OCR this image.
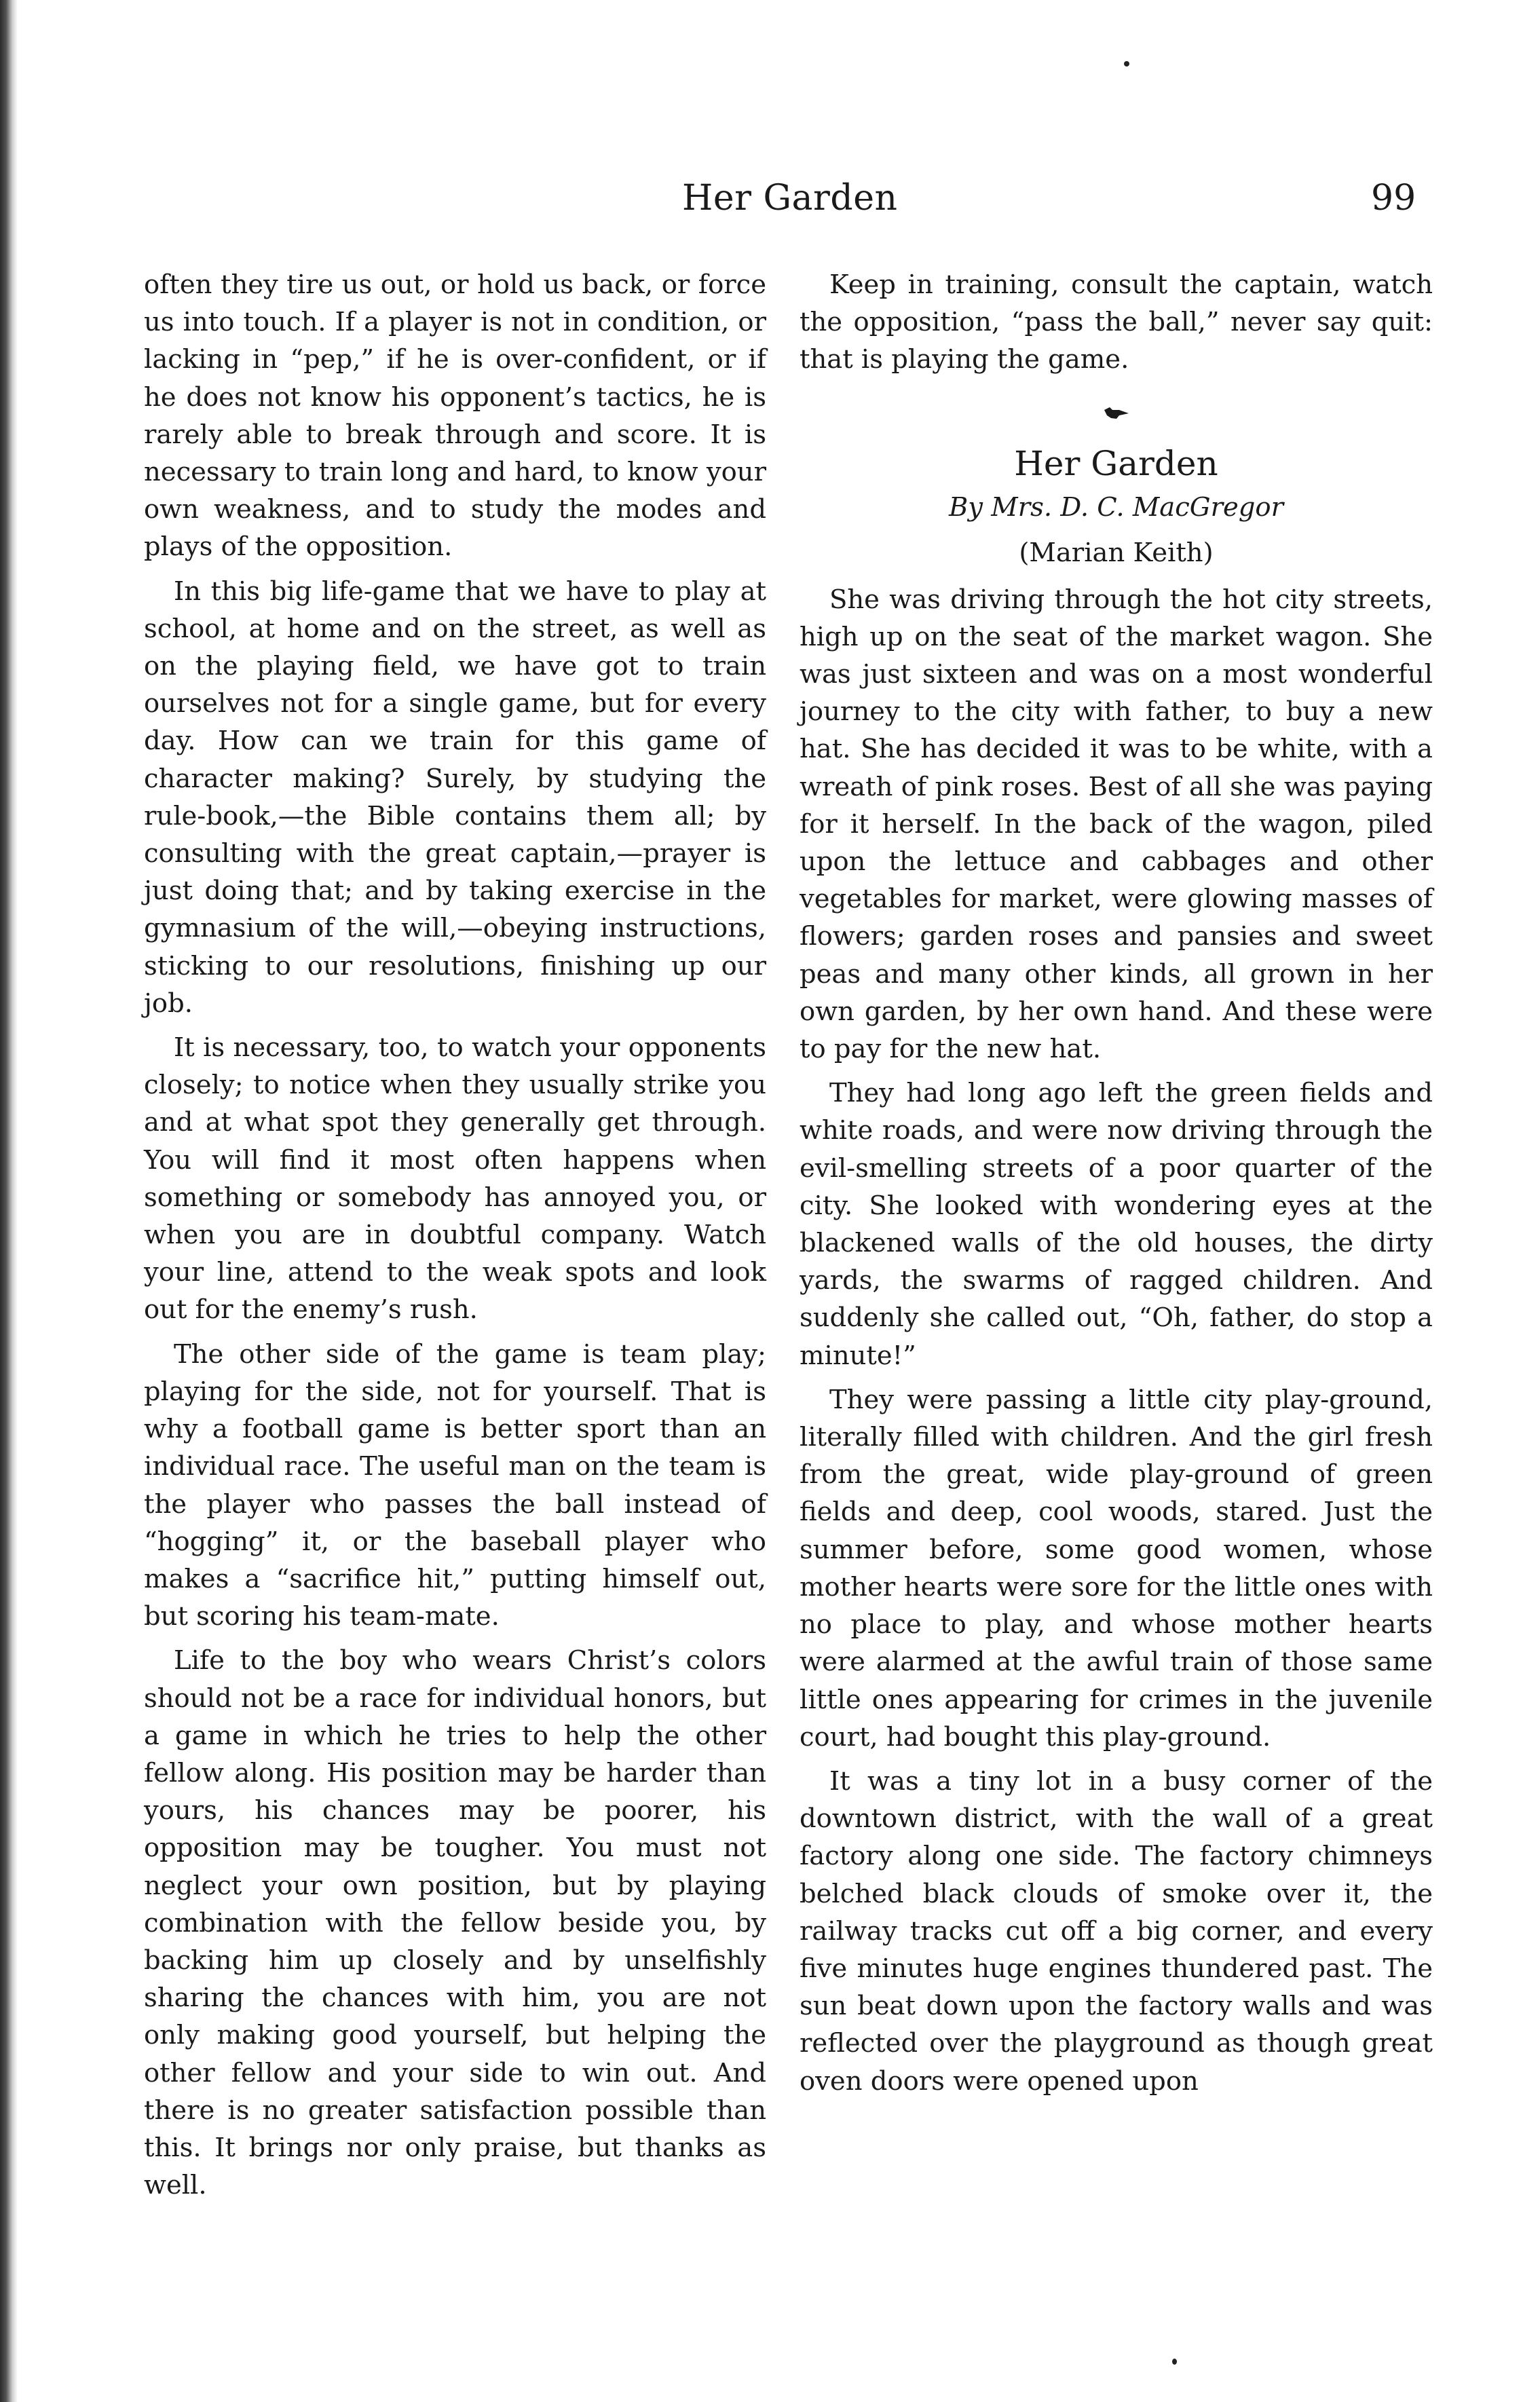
Her Garden	99

often they tire us out, or hold us back, or force us into touch. If a player is not in condition, or lacking in “pep,” if he is over-confident, or if he does not know his opponent’s tactics, he is rarely able to break through and score. It is necessary to train long and hard, to know your own weakness, and to study the modes and plays of the opposition.

In this big life-game that we have to play at school, at home and on the street, as well as on the playing field, we have got to train ourselves not for a single game, but for every day. How can we train for this game of character making? Surely, by studying the rule-book,—the Bible contains them all; by consulting with the great captain,—prayer is just doing that; and by taking exercise in the gymnasium of the will,—obeying instructions, sticking to our resolutions, finishing up our job.

It is necessary, too, to watch your opponents closely; to notice when they usually strike you and at what spot they generally get through. You will find it most often happens when something or somebody has annoyed you, or when you are in doubtful company. Watch your line, attend to the weak spots and look out for the enemy’s rush.

The other side of the game is team play; playing for the side, not for yourself. That is why a football game is better sport than an individual race. The useful man on the team is the player who passes the ball instead of “hogging” it, or the baseball player who makes a “sacrifice hit,” putting himself out, but scoring his team-mate.

Life to the boy who wears Christ’s colors should not be a race for individual honors, but a game in which he tries to help the other fellow along. His position may be harder than yours, his chances may be poorer, his opposition may be tougher. You must not neglect your own position, but by playing combination with the fellow beside you, by backing him up closely and by unselfishly sharing the chances with him, you are not only making good yourself, but helping the other fellow and your side to win out. And there is no greater satisfaction possible than this. It brings nor only praise, but thanks as well.

Keep in training, consult the captain, watch the opposition, “pass the ball,” never say quit: that is playing the game.

Her Garden
By Mrs. D. C. MacGregor
(Marian Keith)

She was driving through the hot city streets, high up on the seat of the market wagon. She was just sixteen and was on a most wonderful journey to the city with father, to buy a new hat. She has decided it was to be white, with a wreath of pink roses. Best of all she was paying for it herself. In the back of the wagon, piled upon the lettuce and cabbages and other vegetables for market, were glowing masses of flowers; garden roses and pansies and sweet peas and many other kinds, all grown in her own garden, by her own hand. And these were to pay for the new hat.

They had long ago left the green fields and white roads, and were now driving through the evil-smelling streets of a poor quarter of the city. She looked with wondering eyes at the blackened walls of the old houses, the dirty yards, the swarms of ragged children. And suddenly she called out, “Oh, father, do stop a minute!”

They were passing a little city play-ground, literally filled with children. And the girl fresh from the great, wide play-ground of green fields and deep, cool woods, stared. Just the summer before, some good women, whose mother hearts were sore for the little ones with no place to play, and whose mother hearts were alarmed at the awful train of those same little ones appearing for crimes in the juvenile court, had bought this play-ground.

It was a tiny lot in a busy corner of the downtown district, with the wall of a great factory along one side. The factory chimneys belched black clouds of smoke over it, the railway tracks cut off a big corner, and every five minutes huge engines thundered past. The sun beat down upon the factory walls and was reflected over the playground as though great oven doors were opened upon
